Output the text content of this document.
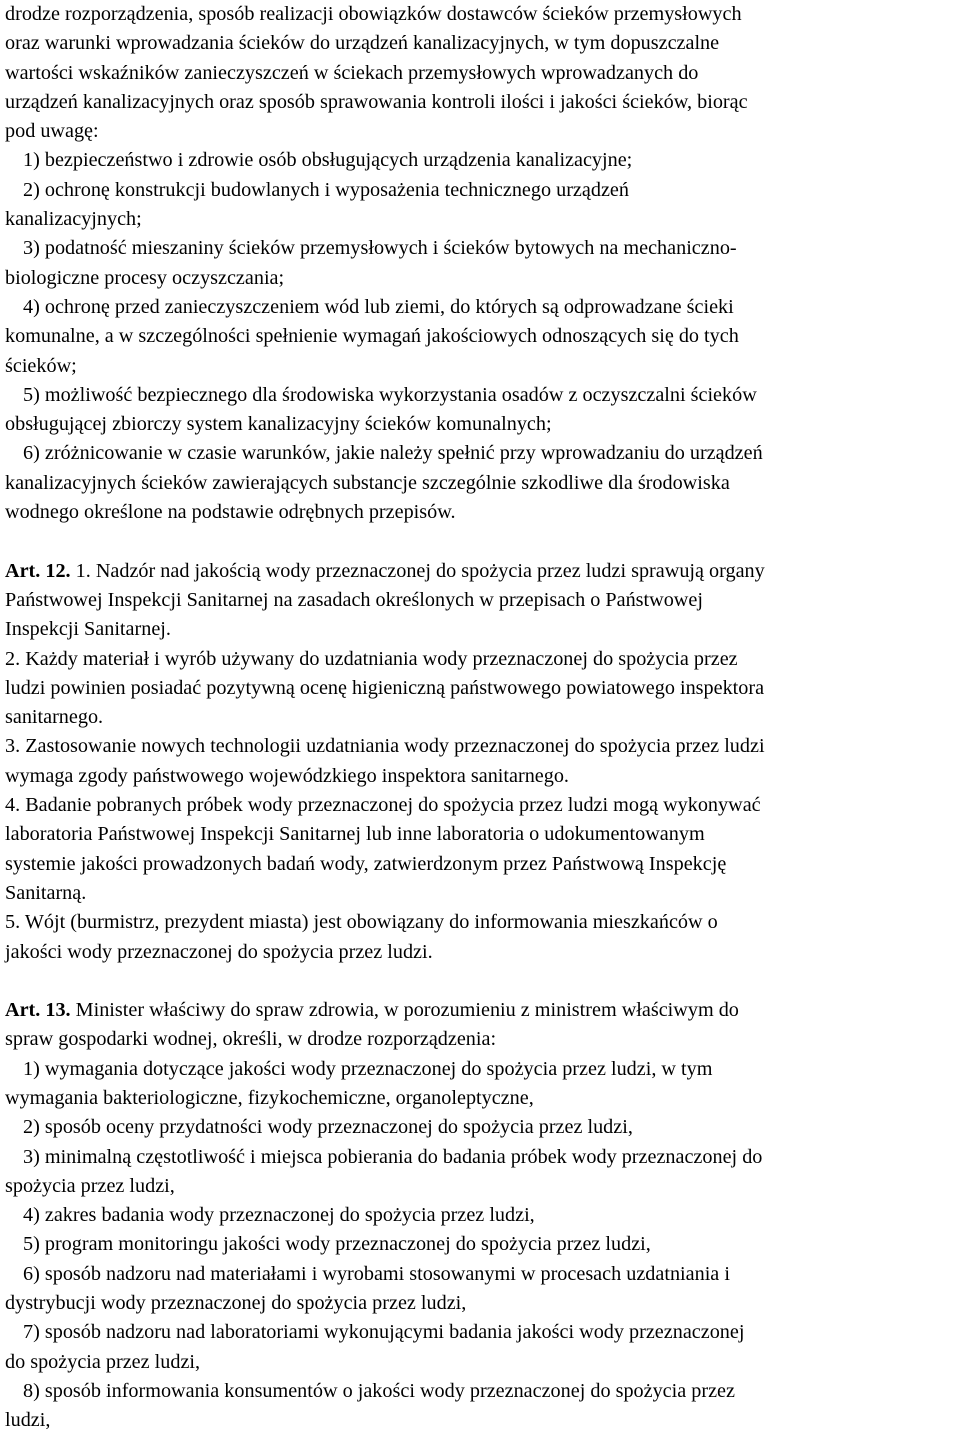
drodze rozporządzenia, sposób realizacji obowiązków dostawców ścieków przemysłowych
oraz warunki wprowadzania ścieków do urządzeń kanalizacyjnych, w tym dopuszczalne
wartości wskaźników zanieczyszczeń w ściekach przemysłowych wprowadzanych do
urządzeń kanalizacyjnych oraz sposób sprawowania kontroli ilości i jakości ścieków, biorąc
pod uwagę:
1) bezpieczeństwo i zdrowie osób obsługujących urządzenia kanalizacyjne;
2) ochronę konstrukcji budowlanych i wyposażenia technicznego urządzeń
kanalizacyjnych;
3) podatność mieszaniny ścieków przemysłowych i ścieków bytowych na mechaniczno-
biologiczne procesy oczyszczania;
4) ochronę przed zanieczyszczeniem wód lub ziemi, do których są odprowadzane ścieki
komunalne, a w szczególności spełnienie wymagań jakościowych odnoszących się do tych
ścieków;
5) możliwość bezpiecznego dla środowiska wykorzystania osadów z oczyszczalni ścieków
obsługującej zbiorczy system kanalizacyjny ścieków komunalnych;
6) zróżnicowanie w czasie warunków, jakie należy spełnić przy wprowadzaniu do urządzeń
kanalizacyjnych ścieków zawierających substancje szczególnie szkodliwe dla środowiska
wodnego określone na podstawie odrębnych przepisów.
Art. 12. 1. Nadzór nad jakością wody przeznaczonej do spożycia przez ludzi sprawują organy
Państwowej Inspekcji Sanitarnej na zasadach określonych w przepisach o Państwowej
Inspekcji Sanitarnej.
2. Każdy materiał i wyrób używany do uzdatniania wody przeznaczonej do spożycia przez
ludzi powinien posiadać pozytywną ocenę higieniczną państwowego powiatowego inspektora
sanitarnego.
3. Zastosowanie nowych technologii uzdatniania wody przeznaczonej do spożycia przez ludzi
wymaga zgody państwowego wojewódzkiego inspektora sanitarnego.
4. Badanie pobranych próbek wody przeznaczonej do spożycia przez ludzi mogą wykonywać
laboratoria Państwowej Inspekcji Sanitarnej lub inne laboratoria o udokumentowanym
systemie jakości prowadzonych badań wody, zatwierdzonym przez Państwową Inspekcję
Sanitarną.
5. Wójt (burmistrz, prezydent miasta) jest obowiązany do informowania mieszkańców o
jakości wody przeznaczonej do spożycia przez ludzi.
Art. 13. Minister właściwy do spraw zdrowia, w porozumieniu z ministrem właściwym do
spraw gospodarki wodnej, określi, w drodze rozporządzenia:
1) wymagania dotyczące jakości wody przeznaczonej do spożycia przez ludzi, w tym
wymagania bakteriologiczne, fizykochemiczne, organoleptyczne,
2) sposób oceny przydatności wody przeznaczonej do spożycia przez ludzi,
3) minimalną częstotliwość i miejsca pobierania do badania próbek wody przeznaczonej do
spożycia przez ludzi,
4) zakres badania wody przeznaczonej do spożycia przez ludzi,
5) program monitoringu jakości wody przeznaczonej do spożycia przez ludzi,
6) sposób nadzoru nad materiałami i wyrobami stosowanymi w procesach uzdatniania i
dystrybucji wody przeznaczonej do spożycia przez ludzi,
7) sposób nadzoru nad laboratoriami wykonującymi badania jakości wody przeznaczonej
do spożycia przez ludzi,
8) sposób informowania konsumentów o jakości wody przeznaczonej do spożycia przez
ludzi,
